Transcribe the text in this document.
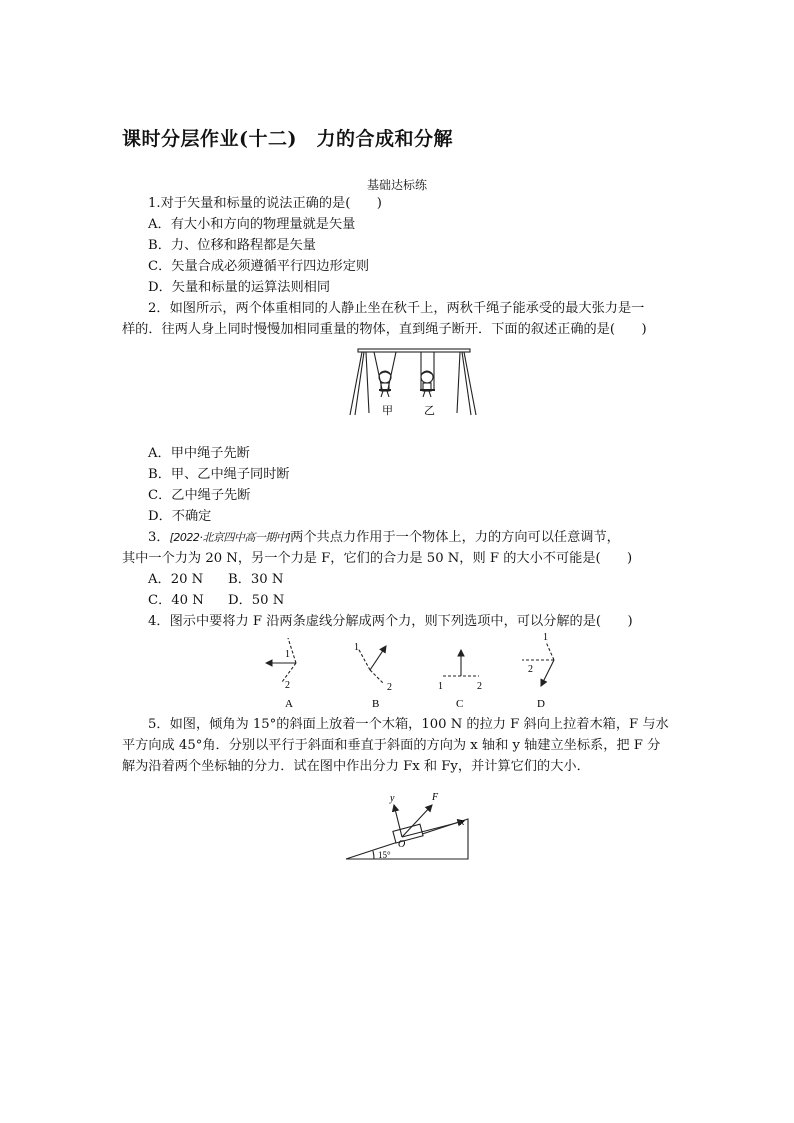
课时分层作业(十二)　力的合成和分解
基础达标练
1.对于矢量和标量的说法正确的是(　　)
A．有大小和方向的物理量就是矢量
B．力、位移和路程都是矢量
C．矢量合成必须遵循平行四边形定则
D．矢量和标量的运算法则相同
2．如图所示，两个体重相同的人静止坐在秋千上，两秋千绳子能承受的最大张力是一
样的．往两人身上同时慢慢加相同重量的物体，直到绳子断开．下面的叙述正确的是(　　)
甲	乙
A．甲中绳子先断
B．甲、乙中绳子同时断
C．乙中绳子先断
D．不确定
3．[2022·北京四中高一期中]两个共点力作用于一个物体上，力的方向可以任意调节，
其中一个力为 20 N，另一个力是 F，它们的合力是 50 N，则 F 的大小不可能是(　　)
A．20 N B．30 N
C．40 N D．50 N
4．图示中要将力 F 沿两条虚线分解成两个力，则下列选项中，可以分解的是(　　)
1
2
1
2	1	2
1
2
A	B	C	D
5．如图，倾角为 15°的斜面上放着一个木箱，100 N 的拉力 F 斜向上拉着木箱，F 与水
平方向成 45°角．分别以平行于斜面和垂直于斜面的方向为 x 轴和 y 轴建立坐标系，把 F 分
解为沿着两个坐标轴的分力．试在图中作出分力 Fx 和 Fy，并计算它们的大小．
y
x
F
O
15°
